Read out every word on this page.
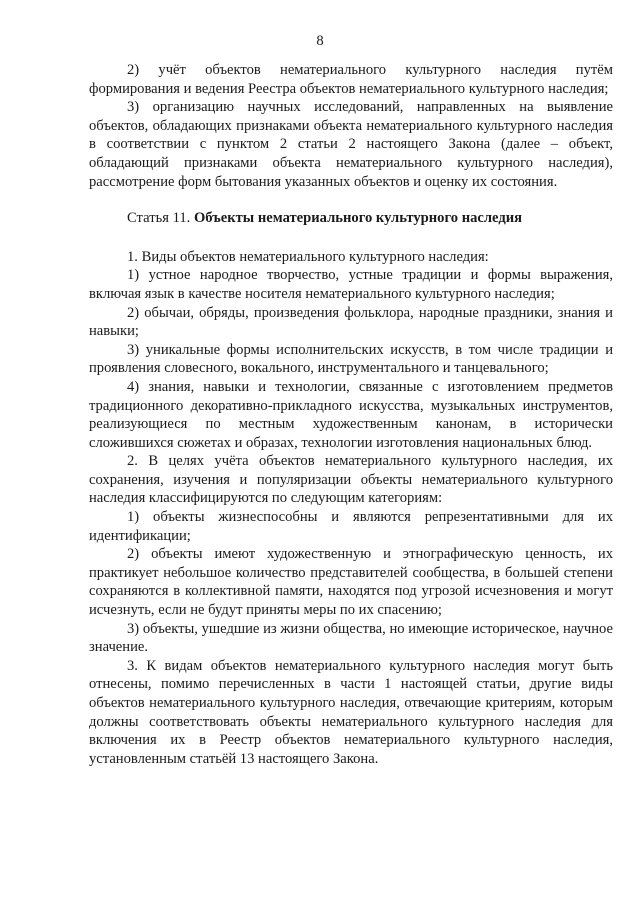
8

2) учёт объектов нематериального культурного наследия путём формирования и ведения Реестра объектов нематериального культурного наследия;

3) организацию научных исследований, направленных на выявление объектов, обладающих признаками объекта нематериального культурного наследия в соответствии с пунктом 2 статьи 2 настоящего Закона (далее – объект, обладающий признаками объекта нематериального культурного наследия), рассмотрение форм бытования указанных объектов и оценку их состояния.

Статья 11. Объекты нематериального культурного наследия

1. Виды объектов нематериального культурного наследия:

1) устное народное творчество, устные традиции и формы выражения, включая язык в качестве носителя нематериального культурного наследия;

2) обычаи, обряды, произведения фольклора, народные праздники, знания и навыки;

3) уникальные формы исполнительских искусств, в том числе традиции и проявления словесного, вокального, инструментального и танцевального;

4) знания, навыки и технологии, связанные с изготовлением предметов традиционного декоративно-прикладного искусства, музыкальных инструментов, реализующиеся по местным художественным канонам, в исторически сложившихся сюжетах и образах, технологии изготовления национальных блюд.

2. В целях учёта объектов нематериального культурного наследия, их сохранения, изучения и популяризации объекты нематериального культурного наследия классифицируются по следующим категориям:

1) объекты жизнеспособны и являются репрезентативными для их идентификации;

2) объекты имеют художественную и этнографическую ценность, их практикует небольшое количество представителей сообщества, в большей степени сохраняются в коллективной памяти, находятся под угрозой исчезновения и могут исчезнуть, если не будут приняты меры по их спасению;

3) объекты, ушедшие из жизни общества, но имеющие историческое, научное значение.

3. К видам объектов нематериального культурного наследия могут быть отнесены, помимо перечисленных в части 1 настоящей статьи, другие виды объектов нематериального культурного наследия, отвечающие критериям, которым должны соответствовать объекты нематериального культурного наследия для включения их в Реестр объектов нематериального культурного наследия, установленным статьёй 13 настоящего Закона.
